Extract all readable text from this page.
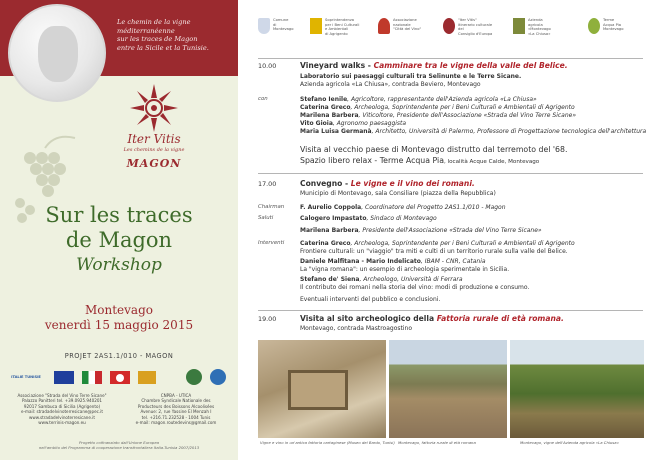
Le chemin de la vigne
méditerranéenne
sur les traces de Magon
entre la Sicile et la Tunisie.
Iter Vitis
Les chemins de la vigne
MAGON
Sur les traces
de Magon
Workshop
Montevago
venerdì 15 maggio 2015
PROJET 2AS1.1/010 - MAGON
ITALIE TUNISIE
Associazione "Strada del Vino Terre Sicane"
Palazzo Panitteri tel. +39.0925.940201
92017 Sambuca di Sicilia (Agrigento)
e-mail: stradadelvinoterresicane@pec.it
www.stradadelvinoterresicane.it
www.terrinis-magon.eu
CNPBA - UTICA
Chambre Syndicale Nationale des
Producteurs des Boissons Alcoolisées
Avenue: 2, rue Yassine El Menzah I
tel. +216.71.232528 - 1004 Tunis
e-mail: magon.routedevins@gmail.com
Progetto cofinanziato dall'Unione Europea
nell'ambito del Programma di cooperazione transfrontaliera Italia-Tunisia 2007/2013
Comune
di
Montevago
Soprintendenza
per i Beni Culturali
e Ambientali
di Agrigento
Associazione
nazionale
"Città del Vino"
"Iter Vitis"
itinerario culturale
del
Consiglio d'Europa
Azienda
agricola
«Montevago
«La Chiusa»
Terme
Acqua Pia
Montevago
10.00	Vineyard walks - Camminare tra le vigne della valle del Belice.
Laboratorio sui paesaggi culturali tra Selinunte e le Terre Sicane.
Azienda agricola «La Chiusa», contrada Beviero, Montevago
con	Stefano Ienile, Agricoltore, rappresentante dell'Azienda agricola «La Chiusa»
Caterina Greco, Archeologa, Soprintendente per i Beni Culturali e Ambientali di Agrigento
Marilena Barbera, Viticoltore, Presidente dell'Associazione «Strada del Vino Terre Sicane»
Vito Gioia, Agronomo paesaggista
Maria Luisa Germanà, Architetto, Università di Palermo, Professore di Progettazione tecnologica dell'architettura
Visita al vecchio paese di Montevago distrutto dal terremoto del '68.
Spazio libero relax - Terme Acqua Pia, località Acque Calde, Montevago
17.00	Convegno - Le vigne e il vino dei romani.
Municipio di Montevago, sala Consiliare (piazza della Repubblica)
Chairman	F. Aurelio Coppola, Coordinatore del Progetto 2AS1.1/010 - Magon
Saluti	Calogero Impastato, Sindaco di Montevago
Marilena Barbera, Presidente dell'Associazione «Strada del Vino Terre Sicane»
Interventi	Caterina Greco, Archeologa, Soprintendente per i Beni Culturali e Ambientali di Agrigento
Frontiere culturali: un "viaggio" tra miti e culti di un territorio rurale sulla valle del Belice.
Daniele Malfitana - Mario Indelicato, IBAM - CNR, Catania
La "vigna romana": un esempio di archeologia sperimentale in Sicilia.
Stefano de' Siena, Archeologo, Università di Ferrara
Il contributo dei romani nella storia del vino: modi di produzione e consumo.
Eventuali interventi del pubblico e conclusioni.
19.00	Visita al sito archeologico della Fattoria rurale di età romana.
Montevago, contrada Mastroagostino
Vigne e vino in un'antica fattoria cartaginese (Museo del Bardo, Tunisi) Montevago, fattoria rurale di età romana	Montevago, vigne dell'Azienda agricola «La Chiusa»
